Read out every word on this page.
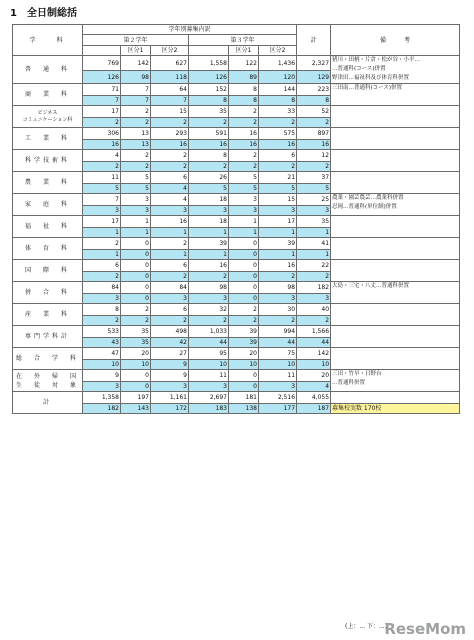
1　全日制総括
学　　科	学年別募集内訳						計	備　　　考
	第２学年			第３学年				
		区分1	区分2		区分1	区分2		
普　通　科	769	142	627	1,558	122	1,436	2,327	猪川・田柄・片倉・松が谷・小平…
…普通科(コース)併置
野津田…福祉科及び体育科併置
	126	98	118	126	89	120	129	
商　業　科	71	7	64	152	8	144	223	三田南…普通科(コース)併置
	7	7	7	8	8	8	8	
ビジネス
コミュニケーション科	17	2	15	35	2	33	52	
	2	2	2	2	2	2	2	
工　業　科	306	13	293	591	16	575	897	
	16	13	16	16	16	16	16	
科学技術科	4	2	2	8	2	6	12	
	2	2	2	2	2	2	2	
農　業　科	11	5	6	26	5	21	37	
	5	5	4	5	5	5	5	
家　庭　科	7	3	4	18	3	15	25	農業・園芸農芸…農業科併置
忍岡…普通科(単位制)併置
	3	3	3	3	3	3	3	
福　祉　科	17	1	16	18	1	17	35	
	1	1	1	1	1	1	1	
体　育　科	2	0	2	39	0	39	41	
	1	0	1	1	0	1	1	
国　際　科	6	0	6	16	0	16	22	
	2	0	2	2	0	2	2	
併　合　科	84	0	84	98	0	98	182	大島・三宅・八丈…普通科併置
	3	0	3	3	0	3	3	
産　業　科	8	2	6	32	2	30	40	
	2	2	2	2	2	2	2	
専門学科計	533	35	498	1,033	39	994	1,566	
	43	35	42	44	39	44	44	
総　合　学　科	47	20	27	95	20	75	142	
	10	10	9	10	10	10	10	
在　外　帰　国
生　徒　対　象	9	0	9	11	0	11	20	三田・竹早・日野台
…普通科併置
	3	0	3	3	0	3	4	
計	1,358	197	1,161	2,697	181	2,516	4,055	
	182	143	172	183	138	177	187	募集校実数 170校
(上：... 下：...)
ReseMom
